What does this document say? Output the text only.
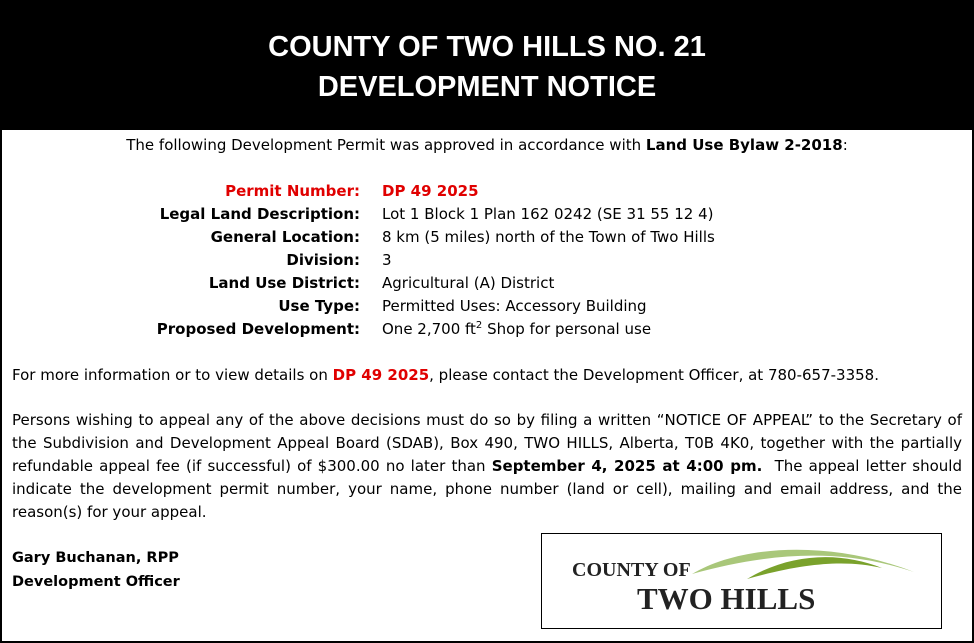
COUNTY OF TWO HILLS NO. 21
DEVELOPMENT NOTICE
The following Development Permit was approved in accordance with Land Use Bylaw 2-2018:
Permit Number: DP 49 2025
Legal Land Description: Lot 1 Block 1 Plan 162 0242 (SE 31 55 12 4)
General Location: 8 km (5 miles) north of the Town of Two Hills
Division: 3
Land Use District: Agricultural (A) District
Use Type: Permitted Uses: Accessory Building
Proposed Development: One 2,700 $ft^2$ Shop for personal use
For more information or to view details on DP 49 2025, please contact the Development Officer, at 780-657-3358.
Persons wishing to appeal any of the above decisions must do so by filing a written “NOTICE OF APPEAL” to the Secretary of the Subdivision and Development Appeal Board (SDAB), Box 490, TWO HILLS, Alberta, T0B 4K0, together with the partially refundable appeal fee (if successful) of $300.00 no later than September 4, 2025 at 4:00 pm.  The appeal letter should indicate the development permit number, your name, phone number (land or cell), mailing and email address, and the reason(s) for your appeal.
Gary Buchanan, RPP
Development Officer
COUNTY OF
TWO HILLS
